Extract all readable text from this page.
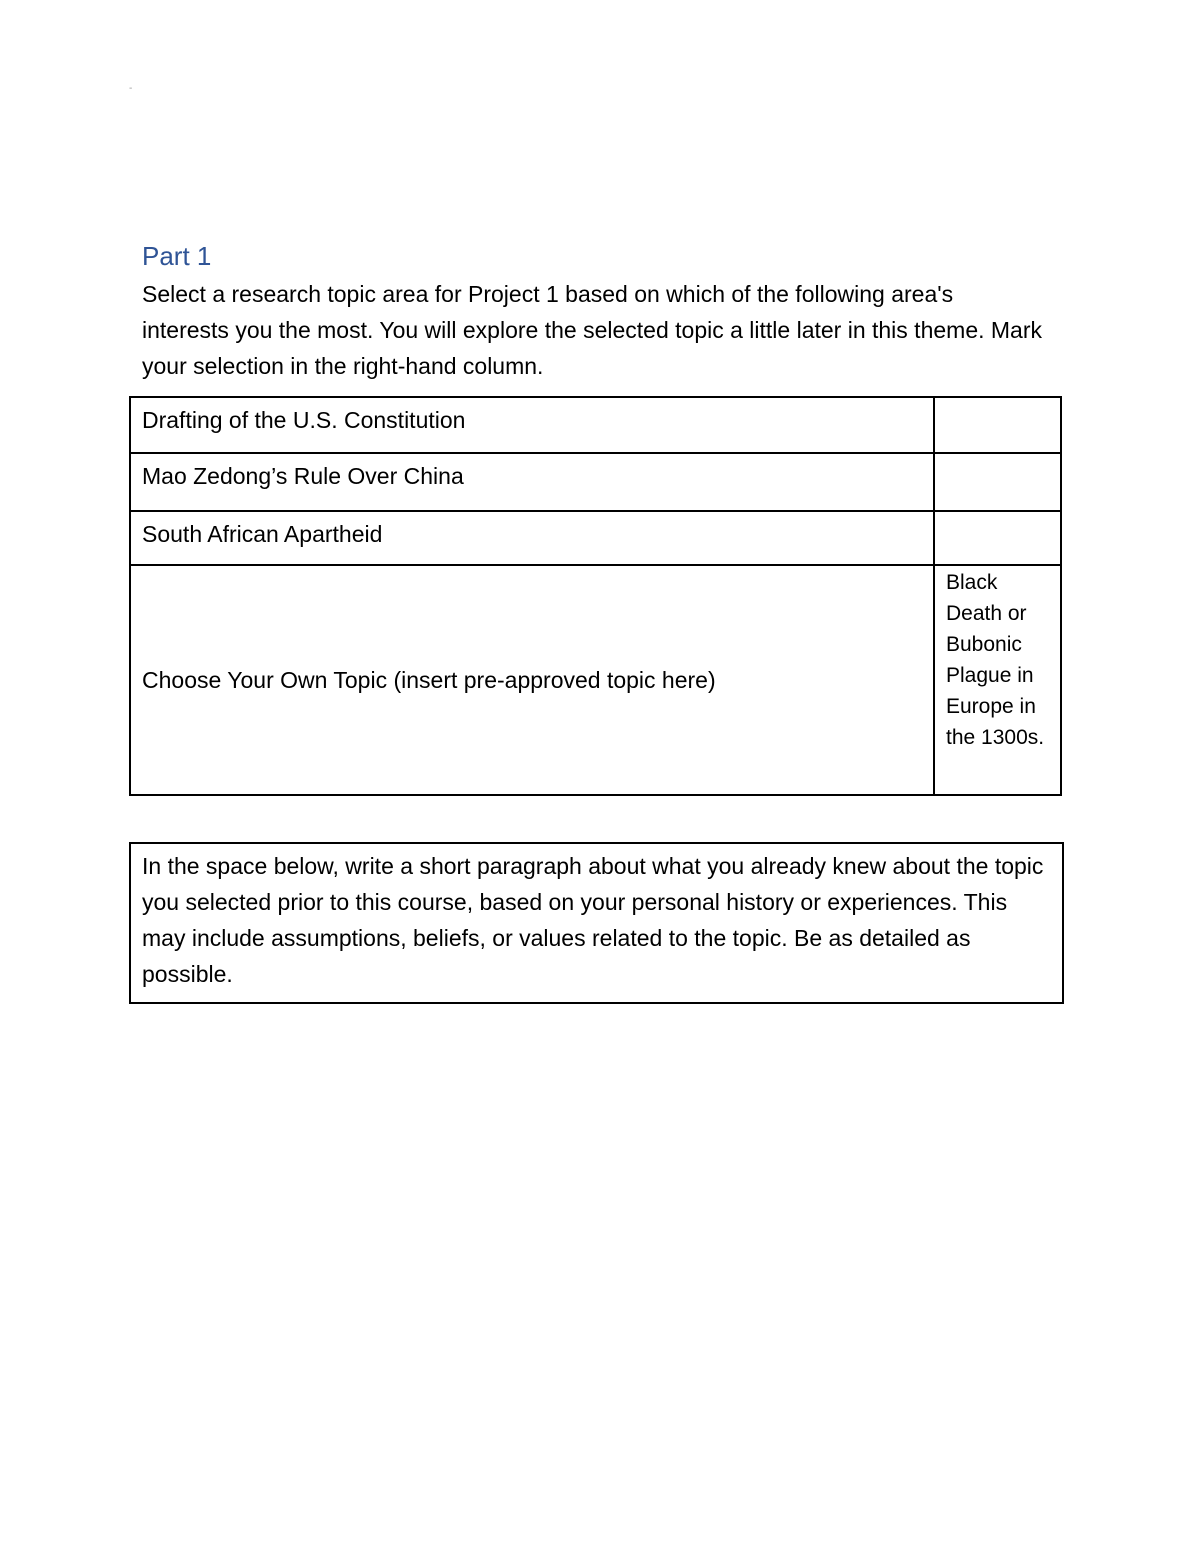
-
Part 1

Select a research topic area for Project 1 based on which of the following area's interests you the most. You will explore the selected topic a little later in this theme. Mark your selection in the right-hand column.

Drafting of the U.S. Constitution	
Mao Zedong’s Rule Over China	
South African Apartheid	
Choose Your Own Topic (insert pre-approved topic here)	Black Death or Bubonic Plague in Europe in the 1300s.
In the space below, write a short paragraph about what you already knew about the topic you selected prior to this course, based on your personal history or experiences. This may include assumptions, beliefs, or values related to the topic. Be as detailed as possible.
